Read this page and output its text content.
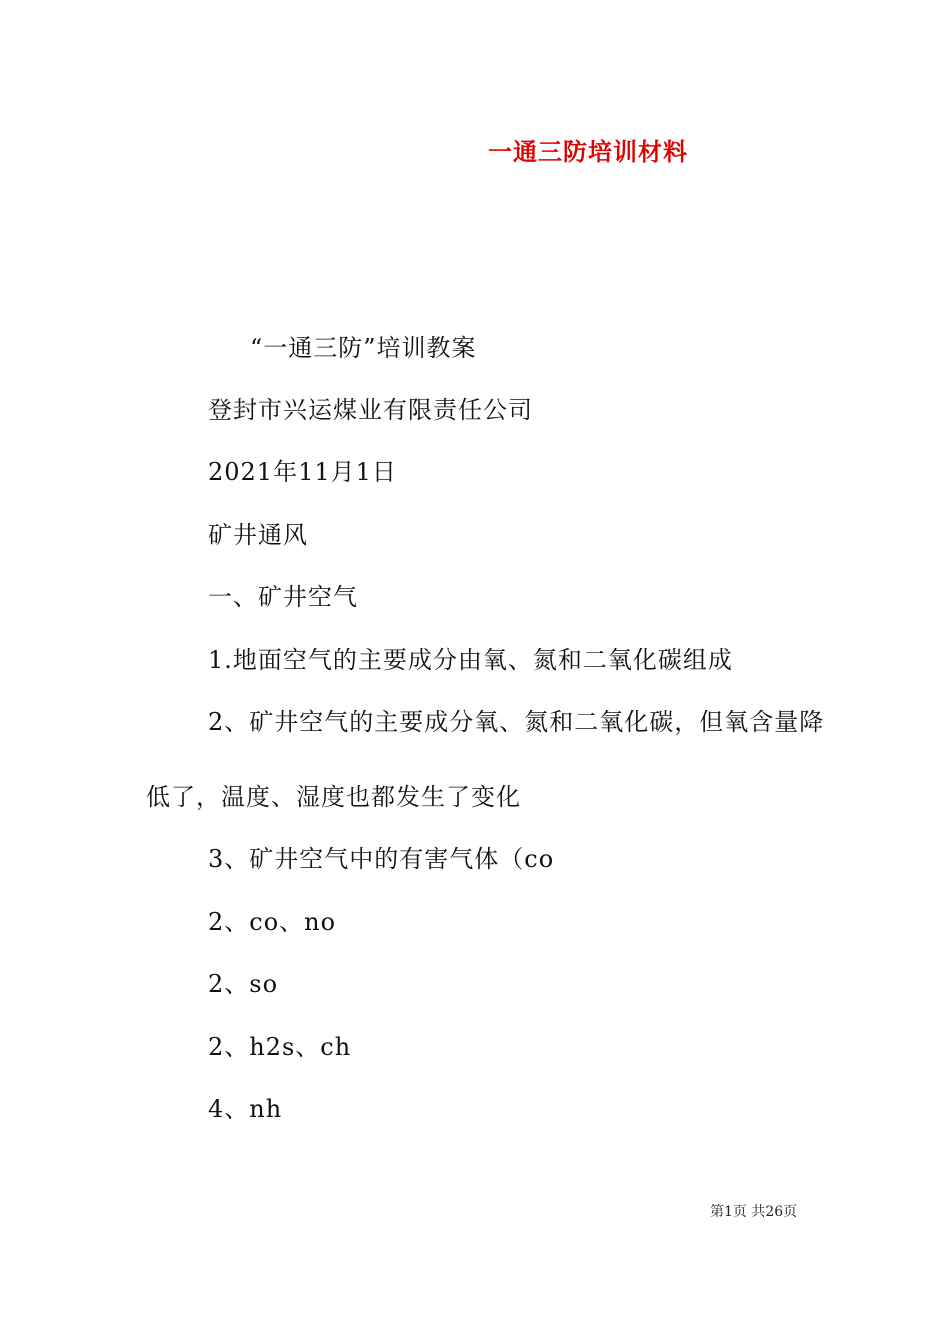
一通三防培训材料
“一通三防”培训教案
登封市兴运煤业有限责任公司
2021年11月1日
矿井通风
一、矿井空气
1.地面空气的主要成分由氧、氮和二氧化碳组成
2、矿井空气的主要成分氧、氮和二氧化碳，但氧含量降
低了，温度、湿度也都发生了变化
3、矿井空气中的有害气体（co
2、co、no
2、so
2、h2s、ch
4、nh
第1页 共26页
